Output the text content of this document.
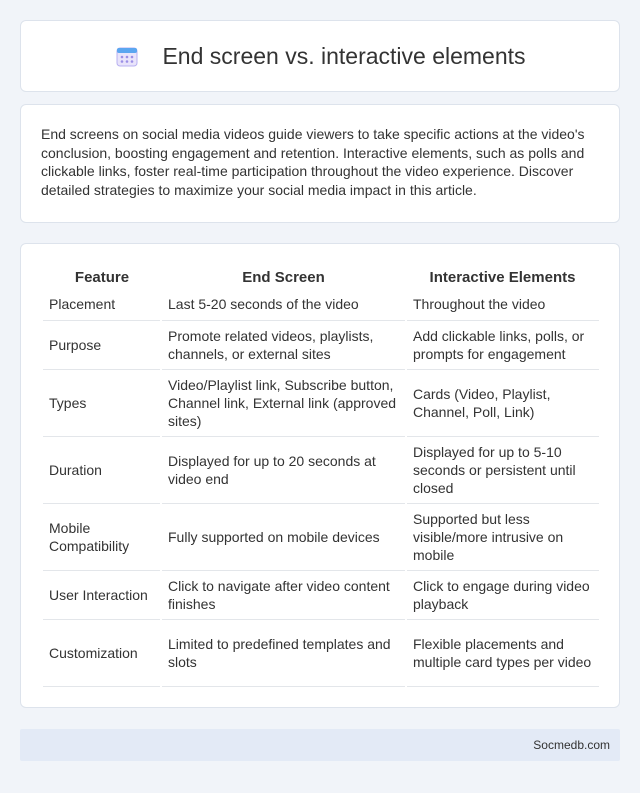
End screen vs. interactive elements

End screens on social media videos guide viewers to take specific actions at the video's conclusion, boosting engagement and retention. Interactive elements, such as polls and clickable links, foster real-time participation throughout the video experience. Discover detailed strategies to maximize your social media impact in this article.

Feature	End Screen	Interactive Elements
Placement	Last 5-20 seconds of the video	Throughout the video
Purpose	Promote related videos, playlists, channels, or external sites	Add clickable links, polls, or prompts for engagement
Types	Video/Playlist link, Subscribe button, Channel link, External link (approved sites)	Cards (Video, Playlist, Channel, Poll, Link)
Duration	Displayed for up to 20 seconds at video end	Displayed for up to 5-10 seconds or persistent until closed
Mobile Compatibility	Fully supported on mobile devices	Supported but less visible/more intrusive on mobile
User Interaction	Click to navigate after video content finishes	Click to engage during video playback
Customization	Limited to predefined templates and slots	Flexible placements and multiple card types per video
Socmedb.com
